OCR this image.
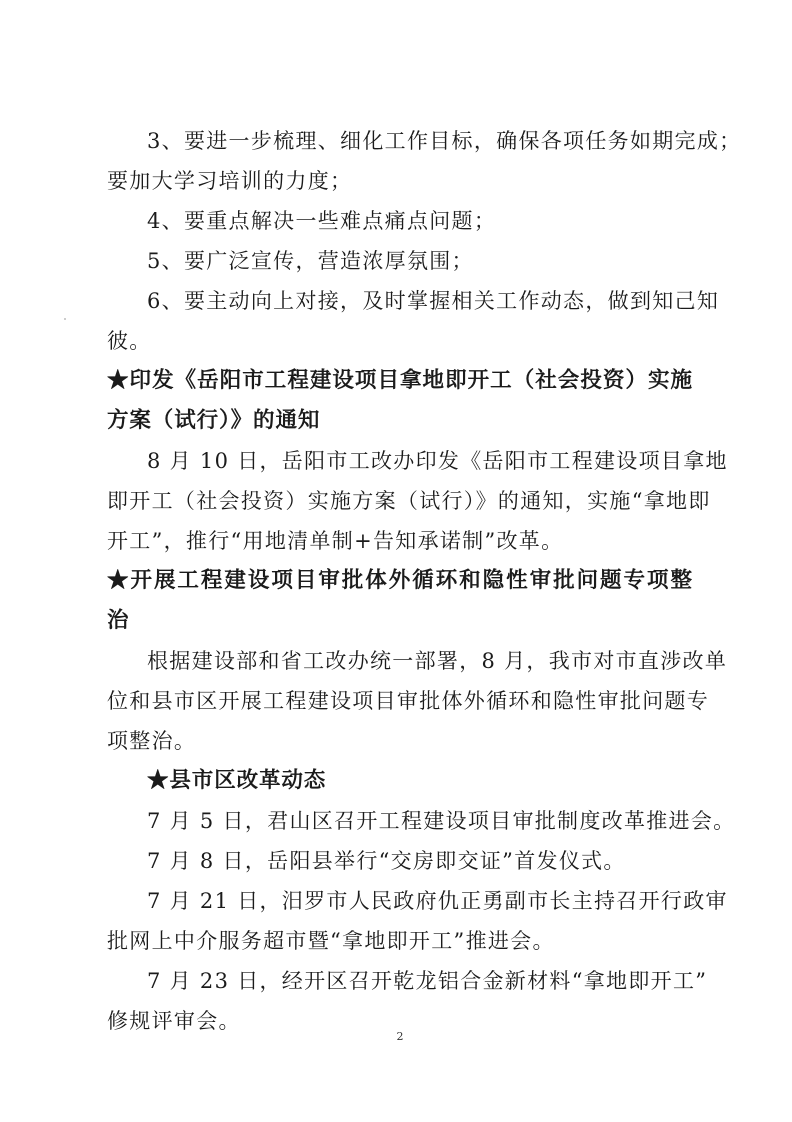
3、要进一步梳理、细化工作目标，确保各项任务如期完成；
要加大学习培训的力度；
4、要重点解决一些难点痛点问题；
5、要广泛宣传，营造浓厚氛围；
6、要主动向上对接，及时掌握相关工作动态，做到知己知
彼。
★印发《岳阳市工程建设项目拿地即开工（社会投资）实施
方案（试行）》的通知
8 月 10 日，岳阳市工改办印发《岳阳市工程建设项目拿地
即开工（社会投资）实施方案（试行）》的通知，实施“拿地即
开工”，推行“用地清单制+告知承诺制”改革。
★开展工程建设项目审批体外循环和隐性审批问题专项整
治
根据建设部和省工改办统一部署，8 月，我市对市直涉改单
位和县市区开展工程建设项目审批体外循环和隐性审批问题专
项整治。
★县市区改革动态
7 月 5 日，君山区召开工程建设项目审批制度改革推进会。
7 月 8 日，岳阳县举行“交房即交证”首发仪式。
7 月 21 日，汨罗市人民政府仇正勇副市长主持召开行政审
批网上中介服务超市暨“拿地即开工”推进会。
7 月 23 日，经开区召开乾龙铝合金新材料“拿地即开工”
修规评审会。
2
